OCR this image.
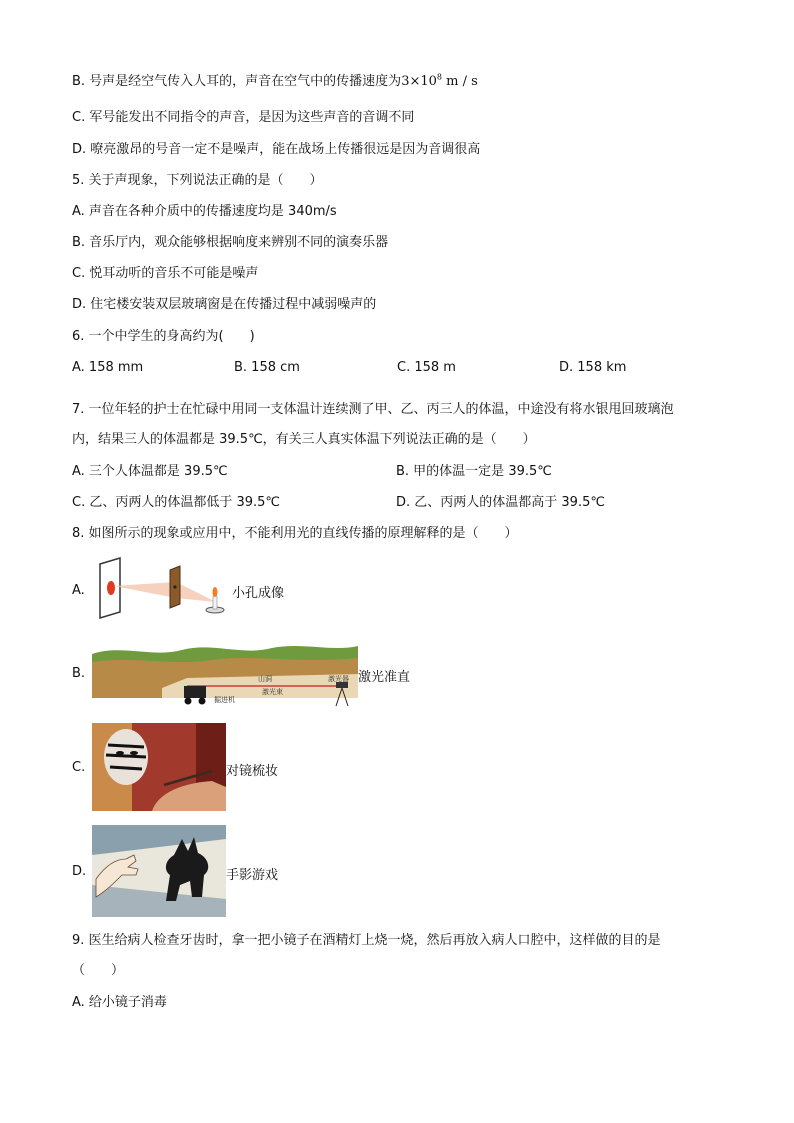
B. 号声是经空气传入人耳的，声音在空气中的传播速度为$3\times 10^8$ m / s
C. 军号能发出不同指令的声音，是因为这些声音的音调不同
D. 嘹亮激昂的号音一定不是噪声，能在战场上传播很远是因为音调很高
5. 关于声现象，下列说法正确的是（　　）
A. 声音在各种介质中的传播速度均是 340m/s
B. 音乐厅内，观众能够根据响度来辨别不同的演奏乐器
C. 悦耳动听的音乐不可能是噪声
D. 住宅楼安装双层玻璃窗是在传播过程中减弱噪声的
6. 一个中学生的身高约为(　　)
A. 158 mm	B. 158 cm	C. 158 m	D. 158 km
7. 一位年轻的护士在忙碌中用同一支体温计连续测了甲、乙、丙三人的体温，中途没有将水银甩回玻璃泡
内，结果三人的体温都是 39.5℃，有关三人真实体温下列说法正确的是（　　）
A. 三个人体温都是 39.5℃	B. 甲的体温一定是 39.5℃
C. 乙、丙两人的体温都低于 39.5℃	D. 乙、丙两人的体温都高于 39.5℃
8. 如图所示的现象或应用中，不能利用光的直线传播的原理解释的是（　　）
A.	小孔成像
B.	山洞
激光束
掘进机
激光器 激光准直
C.	对镜梳妆
D.	手影游戏
9. 医生给病人检查牙齿时，拿一把小镜子在酒精灯上烧一烧，然后再放入病人口腔中，这样做的目的是
（　　）
A. 给小镜子消毒
